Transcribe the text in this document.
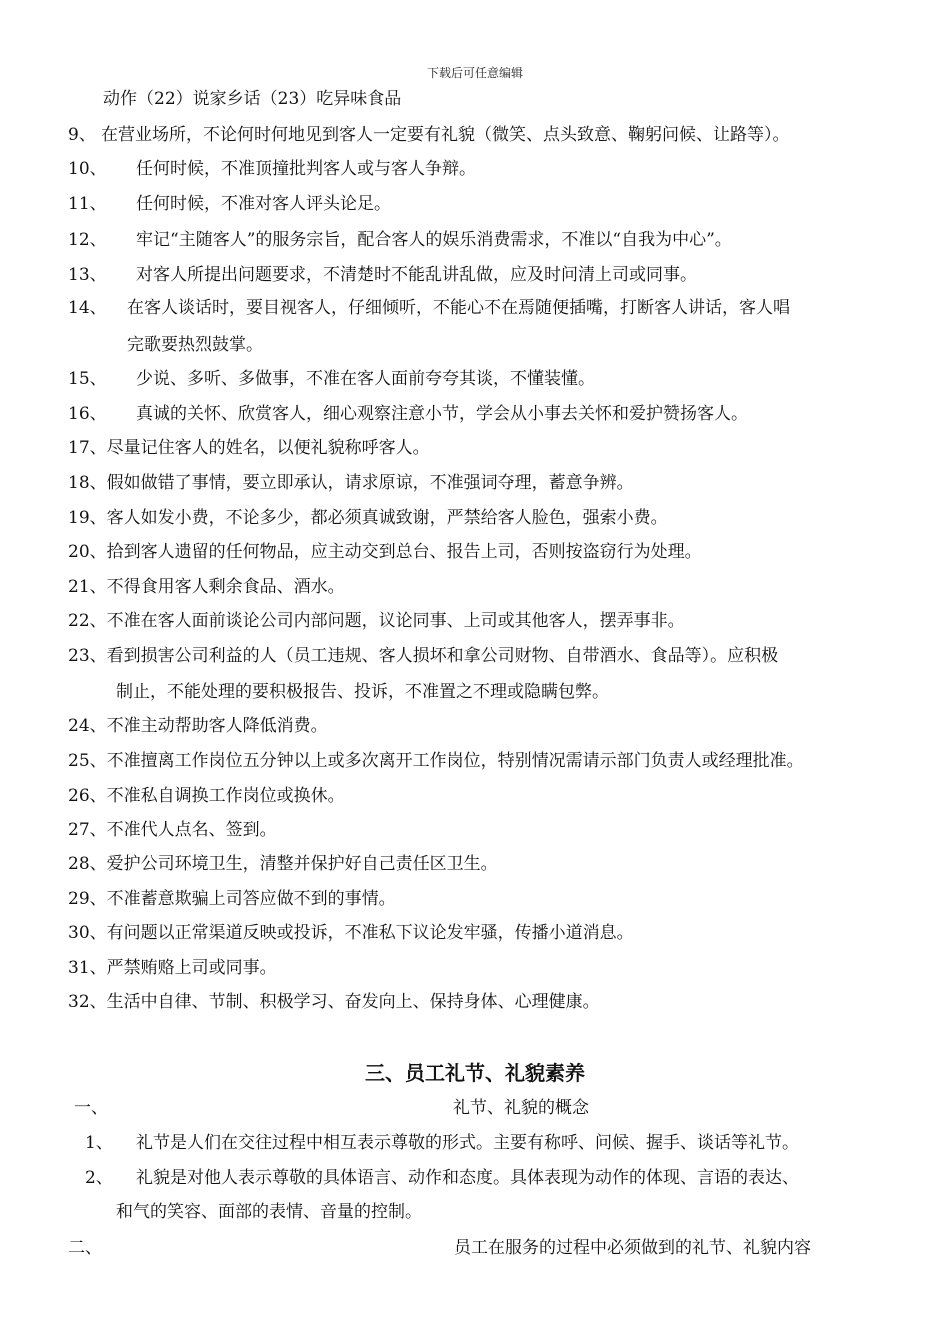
下载后可任意编辑
动作（22）说家乡话（23）吃异味食品
9、 在营业场所，不论何时何地见到客人一定要有礼貌（微笑、点头致意、鞠躬问候、让路等）。
10、 任何时候，不准顶撞批判客人或与客人争辩。
11、 任何时候，不准对客人评头论足。
12、 牢记“主随客人”的服务宗旨，配合客人的娱乐消费需求，不准以“自我为中心”。
13、 对客人所提出问题要求，不清楚时不能乱讲乱做，应及时问清上司或同事。
14、 在客人谈话时，要目视客人，仔细倾听，不能心不在焉随便插嘴，打断客人讲话，客人唱
完歌要热烈鼓掌。
15、 少说、多听、多做事，不准在客人面前夸夸其谈，不懂装懂。
16、 真诚的关怀、欣赏客人，细心观察注意小节，学会从小事去关怀和爱护赞扬客人。
17、尽量记住客人的姓名，以便礼貌称呼客人。
18、假如做错了事情，要立即承认，请求原谅，不准强词夺理，蓄意争辨。
19、客人如发小费，不论多少，都必须真诚致谢，严禁给客人脸色，强索小费。
20、拾到客人遗留的任何物品，应主动交到总台、报告上司，否则按盗窃行为处理。
21、不得食用客人剩余食品、酒水。
22、不准在客人面前谈论公司内部问题，议论同事、上司或其他客人，摆弄事非。
23、看到损害公司利益的人（员工违规、客人损坏和拿公司财物、自带酒水、食品等）。应积极
制止，不能处理的要积极报告、投诉，不准置之不理或隐瞒包弊。
24、不准主动帮助客人降低消费。
25、不准擅离工作岗位五分钟以上或多次离开工作岗位，特别情况需请示部门负责人或经理批准。
26、不准私自调换工作岗位或换休。
27、不准代人点名、签到。
28、爱护公司环境卫生，清整并保护好自己责任区卫生。
29、不准蓄意欺骗上司答应做不到的事情。
30、有问题以正常渠道反映或投诉，不准私下议论发牢骚，传播小道消息。
31、严禁贿赂上司或同事。
32、生活中自律、节制、积极学习、奋发向上、保持身体、心理健康。
三、员工礼节、礼貌素养
一、	礼节、礼貌的概念
1、 礼节是人们在交往过程中相互表示尊敬的形式。主要有称呼、问候、握手、谈话等礼节。
2、 礼貌是对他人表示尊敬的具体语言、动作和态度。具体表现为动作的体现、言语的表达、
和气的笑容、面部的表情、音量的控制。
二、	员工在服务的过程中必须做到的礼节、礼貌内容
